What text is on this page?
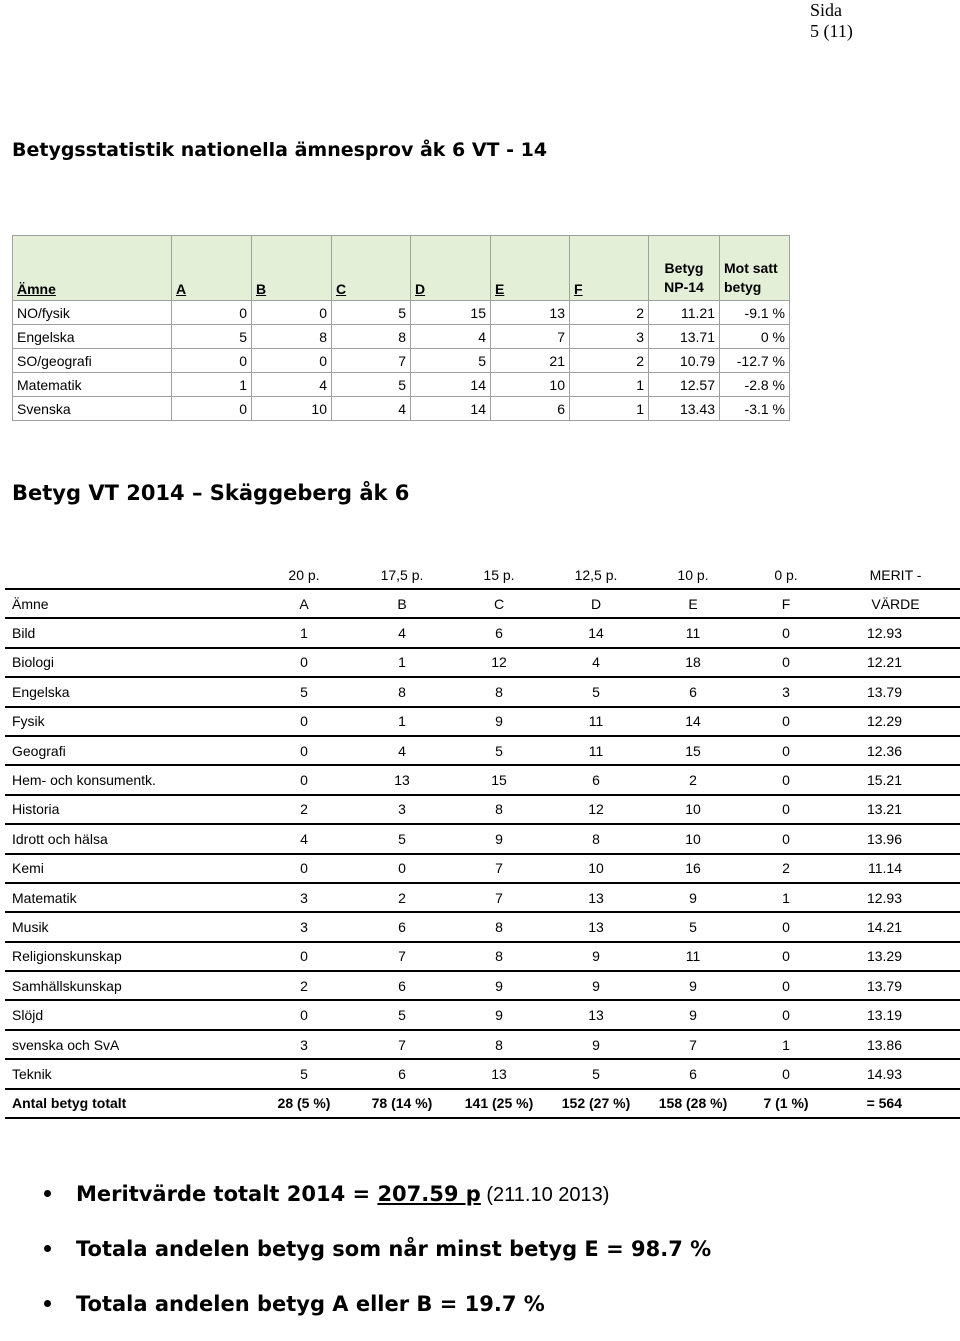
Sida
5 (11)
Betygsstatistik nationella ämnesprov åk 6 VT - 14
Ämne	A	B	C	D	E	F	Betyg NP-14	Mot satt betyg
NO/fysik	0	0	5	15	13	2	11.21	-9.1 %
Engelska	5	8	8	4	7	3	13.71	0 %
SO/geografi	0	0	7	5	21	2	10.79	-12.7 %
Matematik	1	4	5	14	10	1	12.57	-2.8 %
Svenska	0	10	4	14	6	1	13.43	-3.1 %
Betyg VT 2014 – Skäggeberg åk 6
	20 p.	17,5 p.	15 p.	12,5 p.	10 p.	0 p.	MERIT -
Ämne	A	B	C	D	E	F	VÄRDE
Bild	1	4	6	14	11	0	12.93
Biologi	0	1	12	4	18	0	12.21
Engelska	5	8	8	5	6	3	13.79
Fysik	0	1	9	11	14	0	12.29
Geografi	0	4	5	11	15	0	12.36
Hem- och konsumentk.	0	13	15	6	2	0	15.21
Historia	2	3	8	12	10	0	13.21
Idrott och hälsa	4	5	9	8	10	0	13.96
Kemi	0	0	7	10	16	2	11.14
Matematik	3	2	7	13	9	1	12.93
Musik	3	6	8	13	5	0	14.21
Religionskunskap	0	7	8	9	11	0	13.29
Samhällskunskap	2	6	9	9	9	0	13.79
Slöjd	0	5	9	13	9	0	13.19
svenska och SvA	3	7	8	9	7	1	13.86
Teknik	5	6	13	5	6	0	14.93
Antal betyg totalt	28 (5 %)	78 (14 %)	141 (25 %)	152 (27 %)	158 (28 %)	7 (1 %)	= 564
Meritvärde totalt 2014 = 207.59 p (211.10 2013)
Totala andelen betyg som når minst betyg E = 98.7 %
Totala andelen betyg A eller B = 19.7 %
